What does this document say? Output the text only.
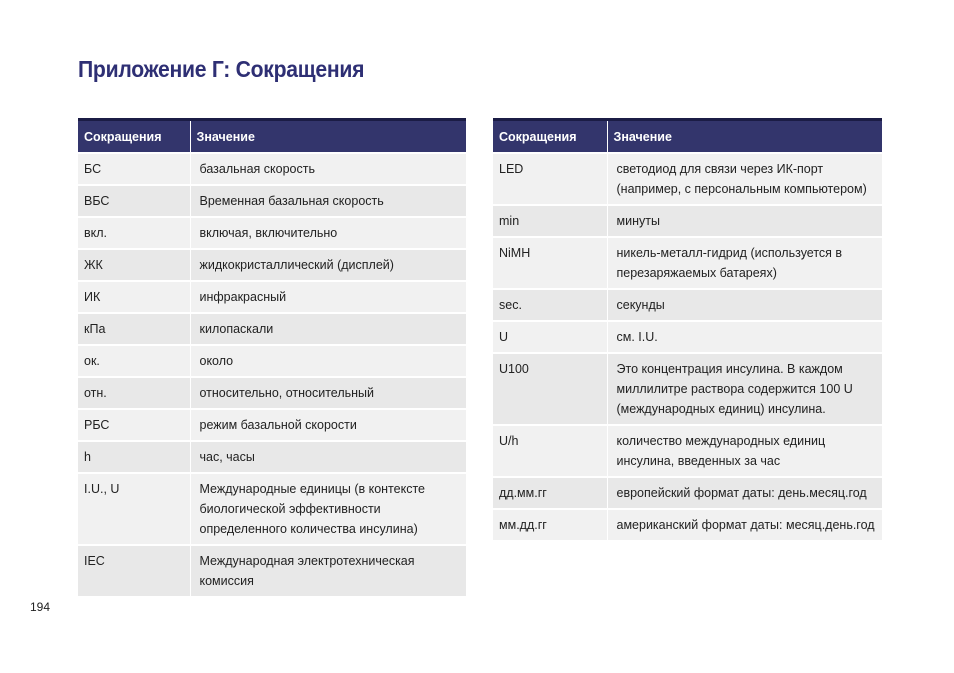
Приложение Г: Сокращения
Сокращения	Значение
БС	базальная скорость
ВБС	Временная базальная скорость
вкл.	включая, включительно
ЖК	жидкокристаллический (дисплей)
ИК	инфракрасный
кПа	килопаскали
ок.	около
отн.	относительно, относительный
РБС	режим базальной скорости
h	час, часы
I.U., U	Международные единицы (в контексте биологической эффективности определенного количества инсулина)
IEC	Международная электротехническая комиссия
Сокращения	Значение
LED	светодиод для связи через ИК-порт (например, с персональным компьютером)
min	минуты
NiMH	никель-металл-гидрид (используется в перезаряжаемых батареях)
sec.	секунды
U	см. I.U.
U100	Это концентрация инсулина. В каждом миллилитре раствора содержится 100 U (международных единиц) инсулина.
U/h	количество международных единиц инсулина, введенных за час
дд.мм.гг	европейский формат даты: день.месяц.год
мм.дд.гг	американский формат даты: месяц.день.год
194
